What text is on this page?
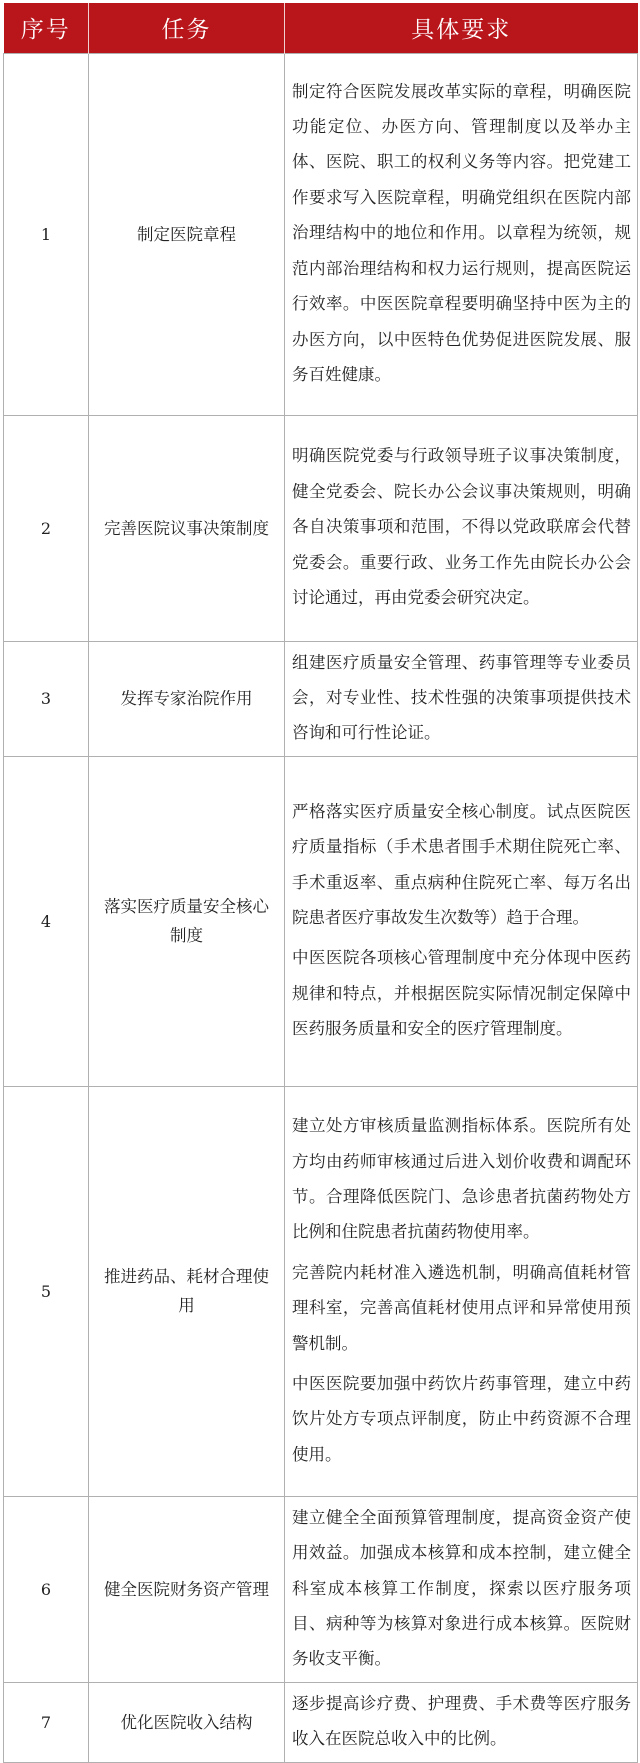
序号	任务	具体要求
1	制定医院章程	制定符合医院发展改革实际的章程，明确医院功能定位、办医方向、管理制度以及举办主体、医院、职工的权利义务等内容。把党建工作要求写入医院章程，明确党组织在医院内部治理结构中的地位和作用。以章程为统领，规范内部治理结构和权力运行规则，提高医院运行效率。中医医院章程要明确坚持中医为主的办医方向，以中医特色优势促进医院发展、服务百姓健康。

2	完善医院议事决策制度	明确医院党委与行政领导班子议事决策制度，健全党委会、院长办公会议事决策规则，明确各自决策事项和范围，不得以党政联席会代替党委会。重要行政、业务工作先由院长办公会讨论通过，再由党委会研究决定。

3	发挥专家治院作用	组建医疗质量安全管理、药事管理等专业委员会，对专业性、技术性强的决策事项提供技术咨询和可行性论证。

4	落实医疗质量安全核心制度	严格落实医疗质量安全核心制度。试点医院医疗质量指标（手术患者围手术期住院死亡率、手术重返率、重点病种住院死亡率、每万名出院患者医疗事故发生次数等）趋于合理。

中医医院各项核心管理制度中充分体现中医药规律和特点，并根据医院实际情况制定保障中医药服务质量和安全的医疗管理制度。

5	推进药品、耗材合理使用	建立处方审核质量监测指标体系。医院所有处方均由药师审核通过后进入划价收费和调配环节。合理降低医院门、急诊患者抗菌药物处方比例和住院患者抗菌药物使用率。

完善院内耗材准入遴选机制，明确高值耗材管理科室，完善高值耗材使用点评和异常使用预警机制。

中医医院要加强中药饮片药事管理，建立中药饮片处方专项点评制度，防止中药资源不合理使用。

6	健全医院财务资产管理	建立健全全面预算管理制度，提高资金资产使用效益。加强成本核算和成本控制，建立健全科室成本核算工作制度，探索以医疗服务项目、病种等为核算对象进行成本核算。医院财务收支平衡。

7	优化医院收入结构	逐步提高诊疗费、护理费、手术费等医疗服务收入在医院总收入中的比例。
